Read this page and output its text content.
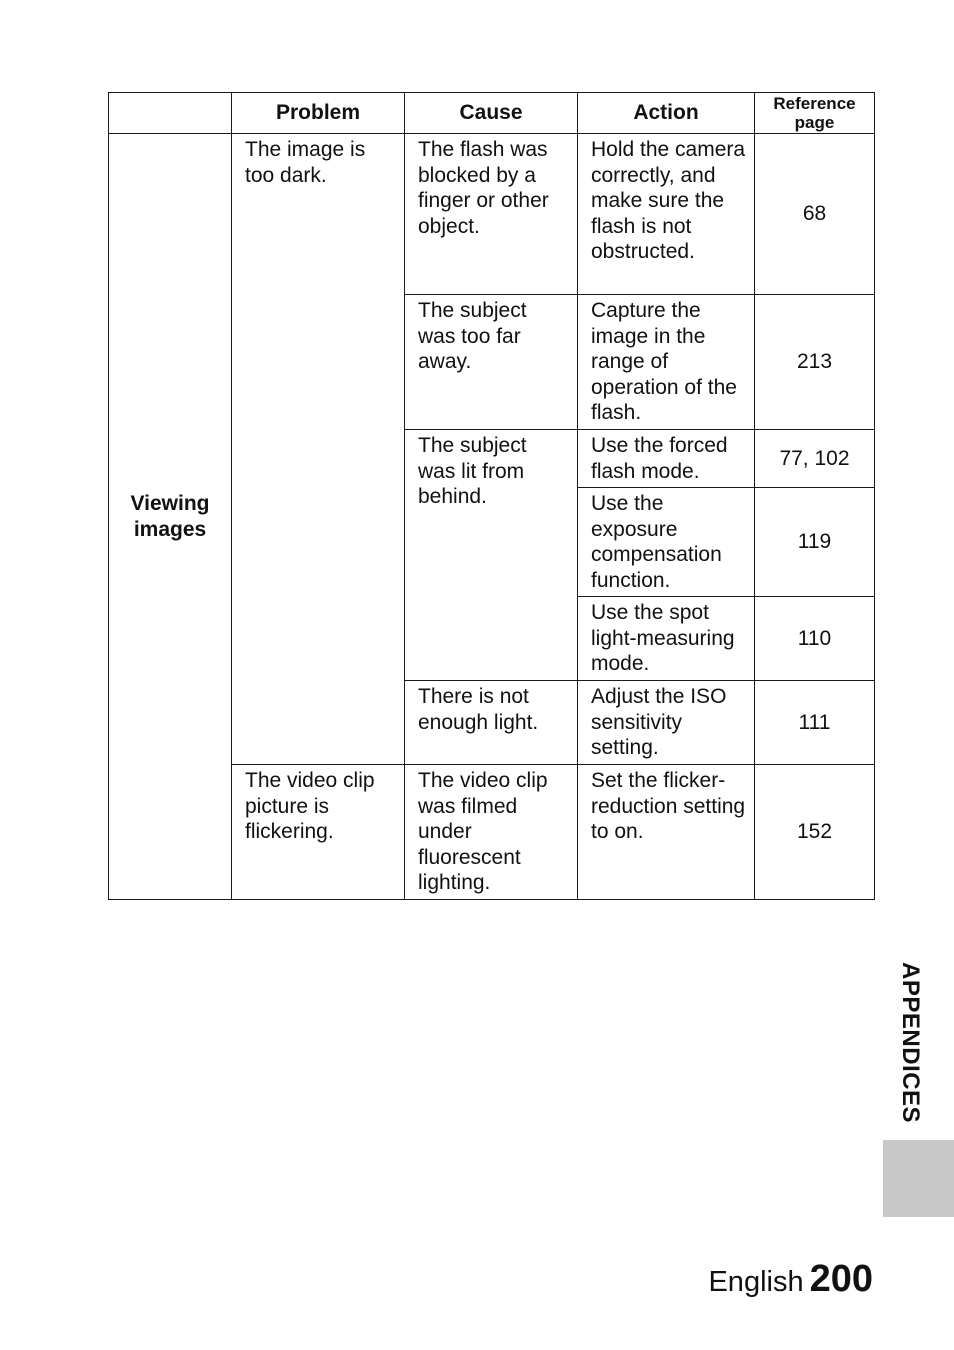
	Problem	Cause	Action	Reference
page
Viewing
images	The image is too dark.	The flash was blocked by a finger or other object.	Hold the camera correctly, and make sure the flash is not obstructed.	68
		The subject was too far away.	Capture the image in the range of operation of the flash.	213
		The subject was lit from behind.	Use the forced flash mode.	77, 102
			Use the exposure compensation function.	119
			Use the spot light-measuring mode.	110
		There is not enough light.	Adjust the ISO sensitivity setting.	111
	The video clip picture is flickering.	The video clip was filmed under fluorescent lighting.	Set the flicker-reduction setting to on.	152
APPENDICES
English 200
